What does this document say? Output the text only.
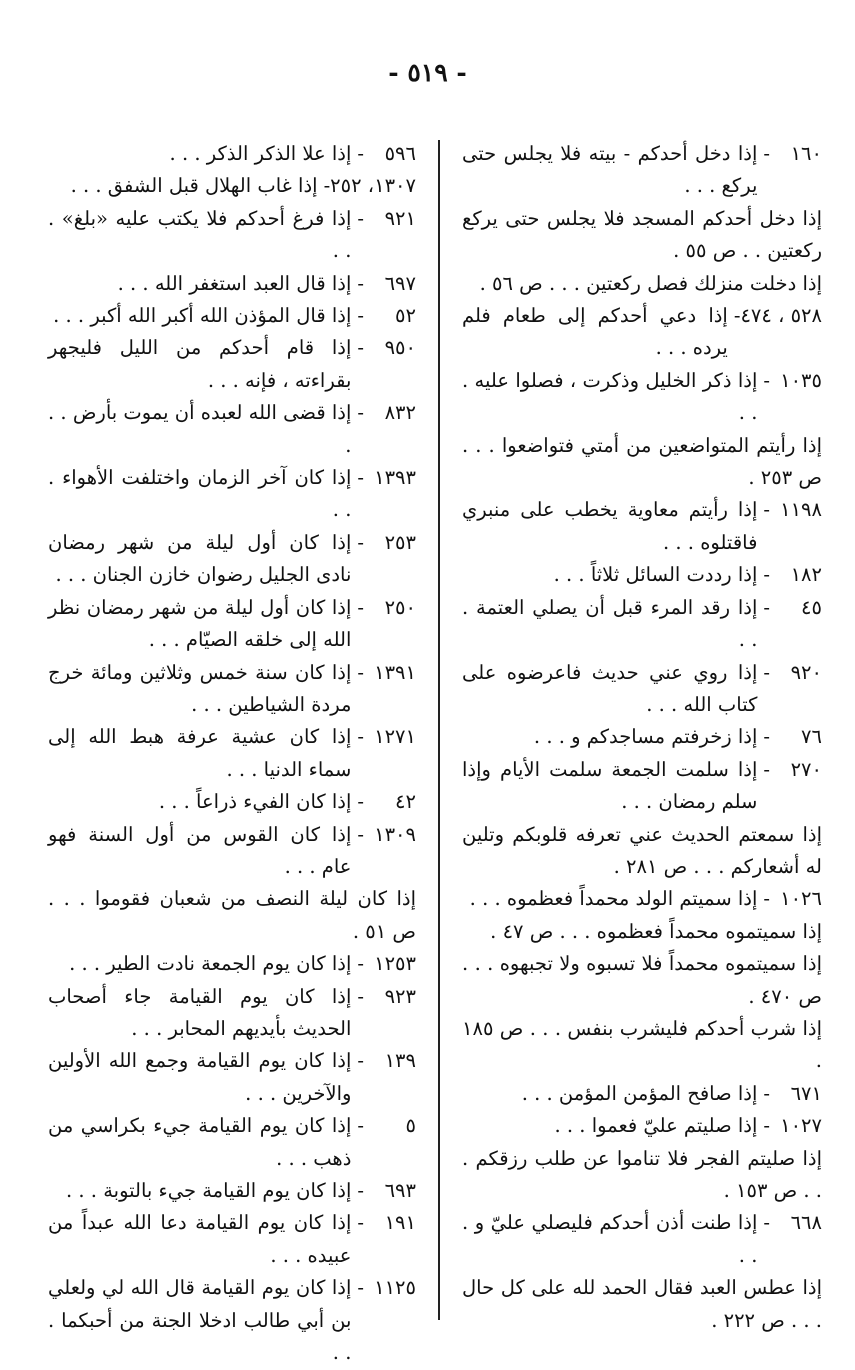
- ٥١٩ -
١٦٠
-
إذا دخل أحدكم - بيته فلا يجلس حتى يركع . . .
إذا دخل أحدكم المسجد فلا يجلس حتى يركع ركعتين . . ص ٥٥ .
إذا دخلت منزلك فصل ركعتين . . . ص ٥٦ .
٥٢٨ ، ٤٧٤
-
إذا دعي أحدكم إلى طعام فلم يرده . . .
١٠٣٥
-
إذا ذكر الخليل وذكرت ، فصلوا عليه . . .
إذا رأيتم المتواضعين من أمتي فتواضعوا . . . ص ٢٥٣ .
١١٩٨
-
إذا رأيتم معاوية يخطب على منبري فاقتلوه . . .
١٨٢
-
إذا رددت السائل ثلاثاً . . .
٤٥
-
إذا رقد المرء قبل أن يصلي العتمة . . .
٩٢٠
-
إذا روي عني حديث فاعرضوه على كتاب الله . . .
٧٦
-
إذا زخرفتم مساجدكم و . . .
٢٧٠
-
إذا سلمت الجمعة سلمت الأيام وإذا سلم رمضان . . .
إذا سمعتم الحديث عني تعرفه قلوبكم وتلين له أشعاركم . . . ص ٢٨١ .
١٠٢٦
-
إذا سميتم الولد محمداً فعظموه . . .
إذا سميتموه محمداً فعظموه . . . ص ٤٧ .
إذا سميتموه محمداً فلا تسبوه ولا تجبهوه . . . ص ٤٧٠ .
إذا شرب أحدكم فليشرب بنفس . . . ص ١٨٥ .
٦٧١
-
إذا صافح المؤمن المؤمن . . .
١٠٢٧
-
إذا صليتم عليّ فعموا . . .
إذا صليتم الفجر فلا تناموا عن طلب رزقكم . . . ص ١٥٣ .
٦٦٨
-
إذا طنت أذن أحدكم فليصلي عليّ و . . .
إذا عطس العبد فقال الحمد لله على كل حال . . . ص ٢٢٢ .
٥٩٦
-
إذا علا الذكر الذكر . . .
١٣٠٧، ٢٥٢
-
إذا غاب الهلال قبل الشفق . . .
٩٢١
-
إذا فرغ أحدكم فلا يكتب عليه «بلغ» . . .
٦٩٧
-
إذا قال العبد استغفر الله . . .
٥٢
-
إذا قال المؤذن الله أكبر الله أكبر . . .
٩٥٠
-
إذا قام أحدكم من الليل فليجهر بقراءته ، فإنه . . .
٨٣٢
-
إذا قضى الله لعبده أن يموت بأرض . . .
١٣٩٣
-
إذا كان آخر الزمان واختلفت الأهواء . . .
٢٥٣
-
إذا كان أول ليلة من شهر رمضان نادى الجليل رضوان خازن الجنان . . .
٢٥٠
-
إذا كان أول ليلة من شهر رمضان نظر الله إلى خلقه الصيّام . . .
١٣٩١
-
إذا كان سنة خمس وثلاثين ومائة خرج مردة الشياطين . . .
١٢٧١
-
إذا كان عشية عرفة هبط الله إلى سماء الدنيا . . .
٤٢
-
إذا كان الفيء ذراعاً . . .
١٣٠٩
-
إذا كان القوس من أول السنة فهو عام . . .
إذا كان ليلة النصف من شعبان فقوموا . . . ص ٥١ .
١٢٥٣
-
إذا كان يوم الجمعة نادت الطير . . .
٩٢٣
-
إذا كان يوم القيامة جاء أصحاب الحديث بأيديهم المحابر . . .
١٣٩
-
إذا كان يوم القيامة وجمع الله الأولين والآخرين . . .
٥
-
إذا كان يوم القيامة جيء بكراسي من ذهب . . .
٦٩٣
-
إذا كان يوم القيامة جيء بالتوبة . . .
١٩١
-
إذا كان يوم القيامة دعا الله عبداً من عبيده . . .
١١٢٥
-
إذا كان يوم القيامة قال الله لي ولعلي بن أبي طالب ادخلا الجنة من أحبكما . . .
